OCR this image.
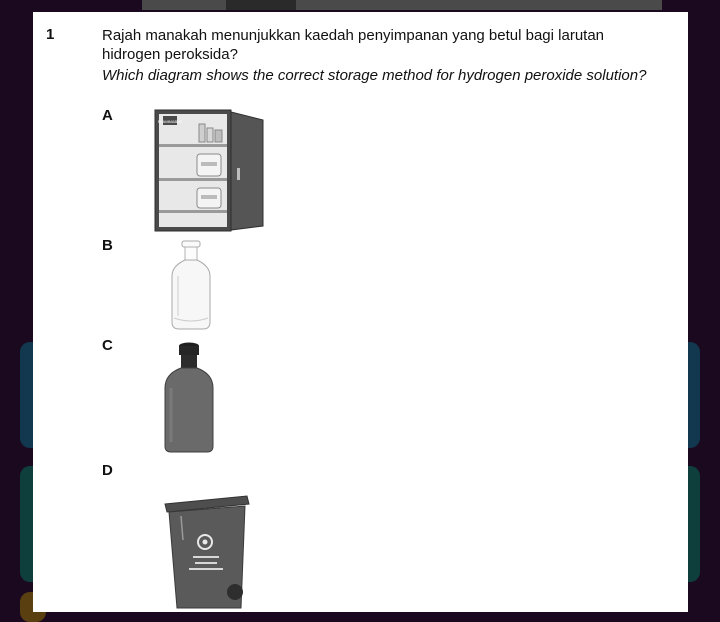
1	Rajah manakah menunjukkan kaedah penyimpanan yang betul bagi larutan hidrogen peroksida?
Which diagram shows the correct storage method for hydrogen peroxide solution?
A	FLAMMABLE
B
C
D
